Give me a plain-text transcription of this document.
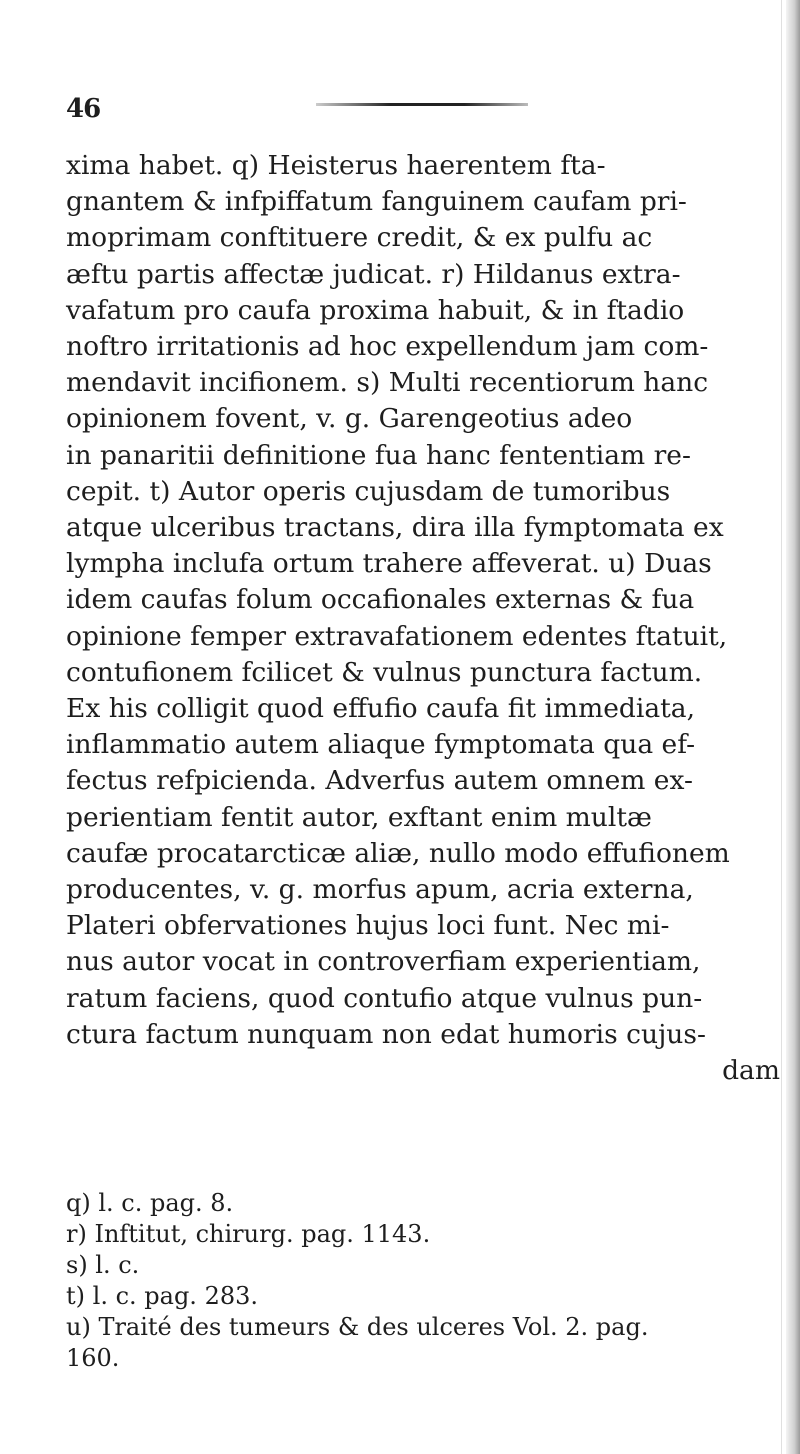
46
xima habet. q) Heisterus haerentem fta-
gnantem & infpiffatum fanguinem caufam pri-
moprimam conftituere credit, & ex pulfu ac
æftu partis affectæ judicat. r) Hildanus extra-
vafatum pro caufa proxima habuit, & in ftadio
noftro irritationis ad hoc expellendum jam com-
mendavit incifionem. s) Multi recentiorum hanc
opinionem fovent, v. g. Garengeotius adeo
in panaritii definitione fua hanc fententiam re-
cepit. t) Autor operis cujusdam de tumoribus
atque ulceribus tractans, dira illa fymptomata ex
lympha inclufa ortum trahere affeverat. u) Duas
idem caufas folum occafionales externas & fua
opinione femper extravafationem edentes ftatuit,
contufionem fcilicet & vulnus punctura factum.
Ex his colligit quod effufio caufa fit immediata,
inflammatio autem aliaque fymptomata qua ef-
fectus refpicienda. Adverfus autem omnem ex-
perientiam fentit autor, exftant enim multæ
caufæ procatarcticæ aliæ, nullo modo effufionem
producentes, v. g. morfus apum, acria externa,
Plateri obfervationes hujus loci funt. Nec mi-
nus autor vocat in controverfiam experientiam,
ratum faciens, quod contufio atque vulnus pun-
ctura factum nunquam non edat humoris cujus-
dam
q) l. c. pag. 8.
r) Inftitut, chirurg. pag. 1143.
s) l. c.
t) l. c. pag. 283.
u) Traité des tumeurs & des ulceres Vol. 2. pag.
160.
